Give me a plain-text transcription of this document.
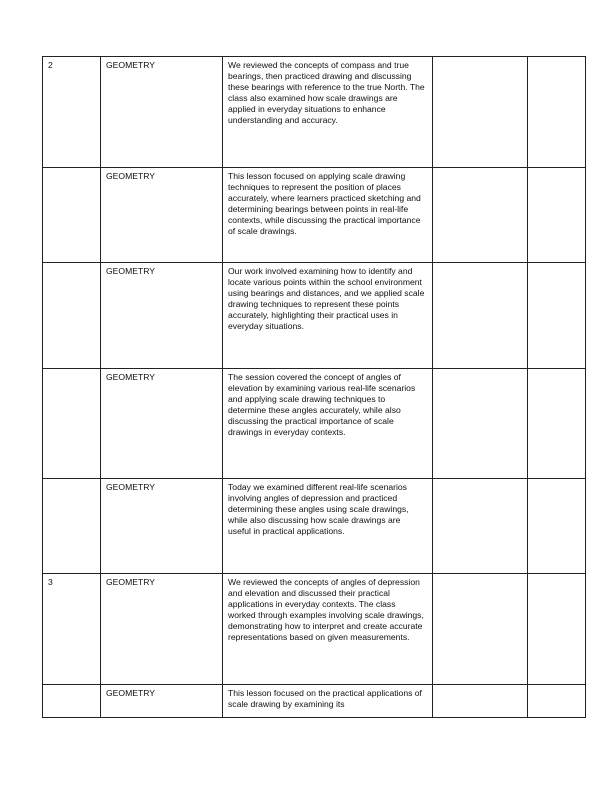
2	GEOMETRY	We reviewed the concepts of compass and true bearings, then practiced drawing and discussing these bearings with reference to the true North. The class also examined how scale drawings are applied in everyday situations to enhance understanding and accuracy.		

	GEOMETRY	This lesson focused on applying scale drawing techniques to represent the position of places accurately, where learners practiced sketching and determining bearings between points in real-life contexts, while discussing the practical importance of scale drawings.		

	GEOMETRY	Our work involved examining how to identify and locate various points within the school environment using bearings and distances, and we applied scale drawing techniques to represent these points accurately, highlighting their practical uses in everyday situations.		

	GEOMETRY	The session covered the concept of angles of elevation by examining various real-life scenarios and applying scale drawing techniques to determine these angles accurately, while also discussing the practical importance of scale drawings in everyday contexts.		

	GEOMETRY	Today we examined different real-life scenarios involving angles of depression and practiced determining these angles using scale drawings, while also discussing how scale drawings are useful in practical applications.		

3	GEOMETRY	We reviewed the concepts of angles of depression and elevation and discussed their practical applications in everyday contexts. The class worked through examples involving scale drawings, demonstrating how to interpret and create accurate representations based on given measurements.		

	GEOMETRY	This lesson focused on the practical applications of scale drawing by examining its		
